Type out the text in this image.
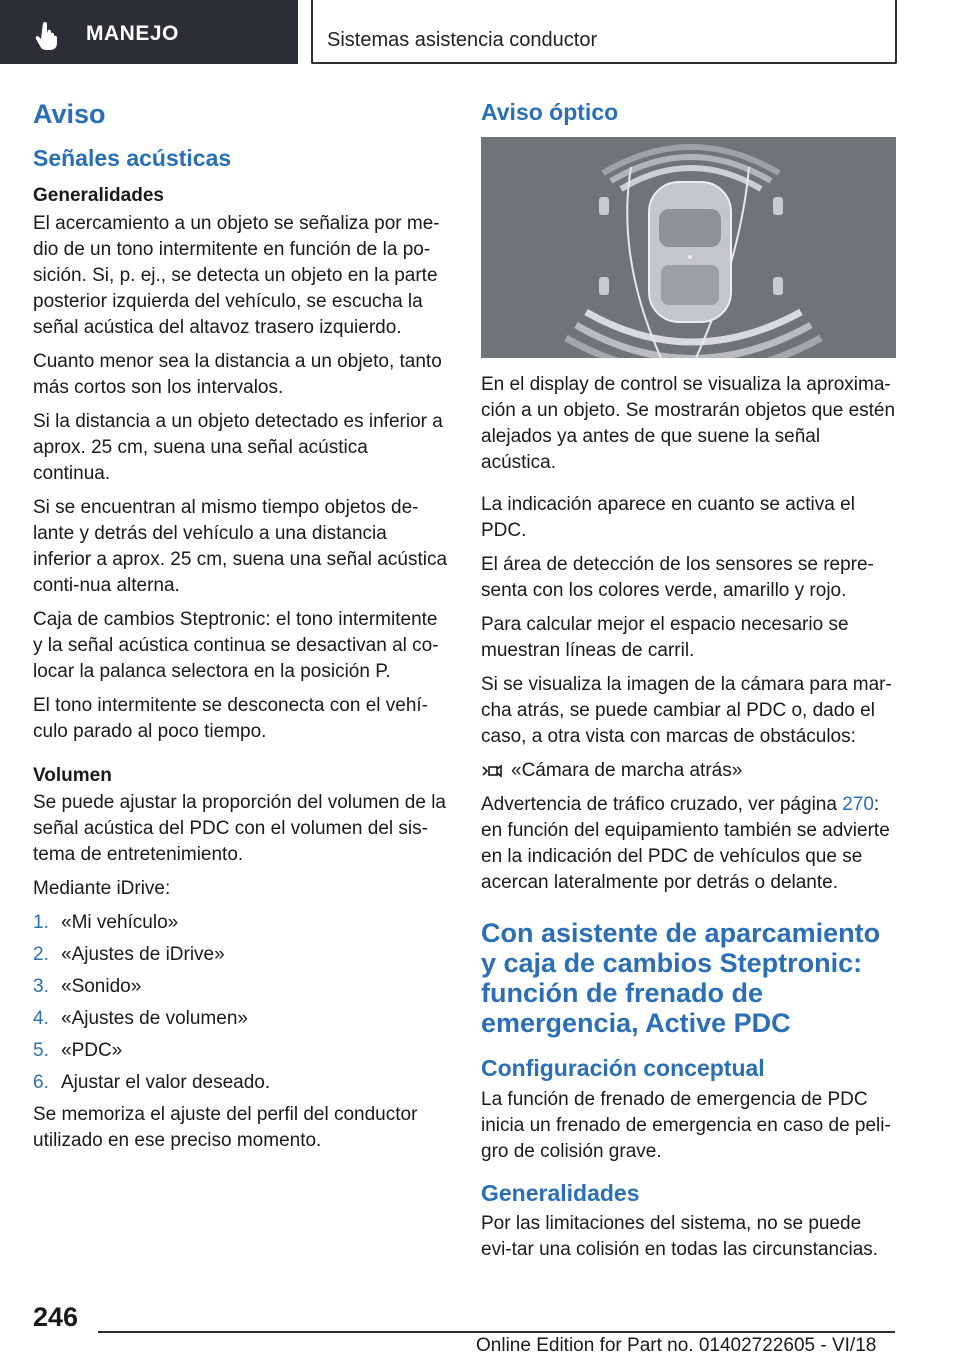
MANEJO	Sistemas asistencia conductor
Aviso
Señales acústicas
Generalidades

El acercamiento a un objeto se señaliza por me-dio de un tono intermitente en función de la po-sición. Si, p. ej., se detecta un objeto en la parte posterior izquierda del vehículo, se escucha la señal acústica del altavoz trasero izquierdo.

Cuanto menor sea la distancia a un objeto, tanto más cortos son los intervalos.

Si la distancia a un objeto detectado es inferior a aprox. 25 cm, suena una señal acústica continua.

Si se encuentran al mismo tiempo objetos de-lante y detrás del vehículo a una distancia inferior a aprox. 25 cm, suena una señal acústica conti-nua alterna.

Caja de cambios Steptronic: el tono intermitente y la señal acústica continua se desactivan al co-locar la palanca selectora en la posición P.

El tono intermitente se desconecta con el vehí-culo parado al poco tiempo.

Volumen

Se puede ajustar la proporción del volumen de la señal acústica del PDC con el volumen del sis-tema de entretenimiento.

Mediante iDrive:

1. «Mi vehículo»
2. «Ajustes de iDrive»
3. «Sonido»
4. «Ajustes de volumen»
5. «PDC»
6. Ajustar el valor deseado.

Se memoriza el ajuste del perfil del conductor utilizado en ese preciso momento.

Aviso óptico

En el display de control se visualiza la aproxima-ción a un objeto. Se mostrarán objetos que estén alejados ya antes de que suene la señal acústica.

La indicación aparece en cuanto se activa el PDC.

El área de detección de los sensores se repre-senta con los colores verde, amarillo y rojo.

Para calcular mejor el espacio necesario se muestran líneas de carril.

Si se visualiza la imagen de la cámara para mar-cha atrás, se puede cambiar al PDC o, dado el caso, a otra vista con marcas de obstáculos:

«Cámara de marcha atrás»

Advertencia de tráfico cruzado, ver página 270: en función del equipamiento también se advierte en la indicación del PDC de vehículos que se acercan lateralmente por detrás o delante.

Con asistente de aparcamiento y caja de cambios Steptronic: función de frenado de emergencia, Active PDC
Configuración conceptual

La función de frenado de emergencia de PDC inicia un frenado de emergencia en caso de peli-gro de colisión grave.

Generalidades

Por las limitaciones del sistema, no se puede evi-tar una colisión en todas las circunstancias.

246
Online Edition for Part no. 01402722605 - VI/18
